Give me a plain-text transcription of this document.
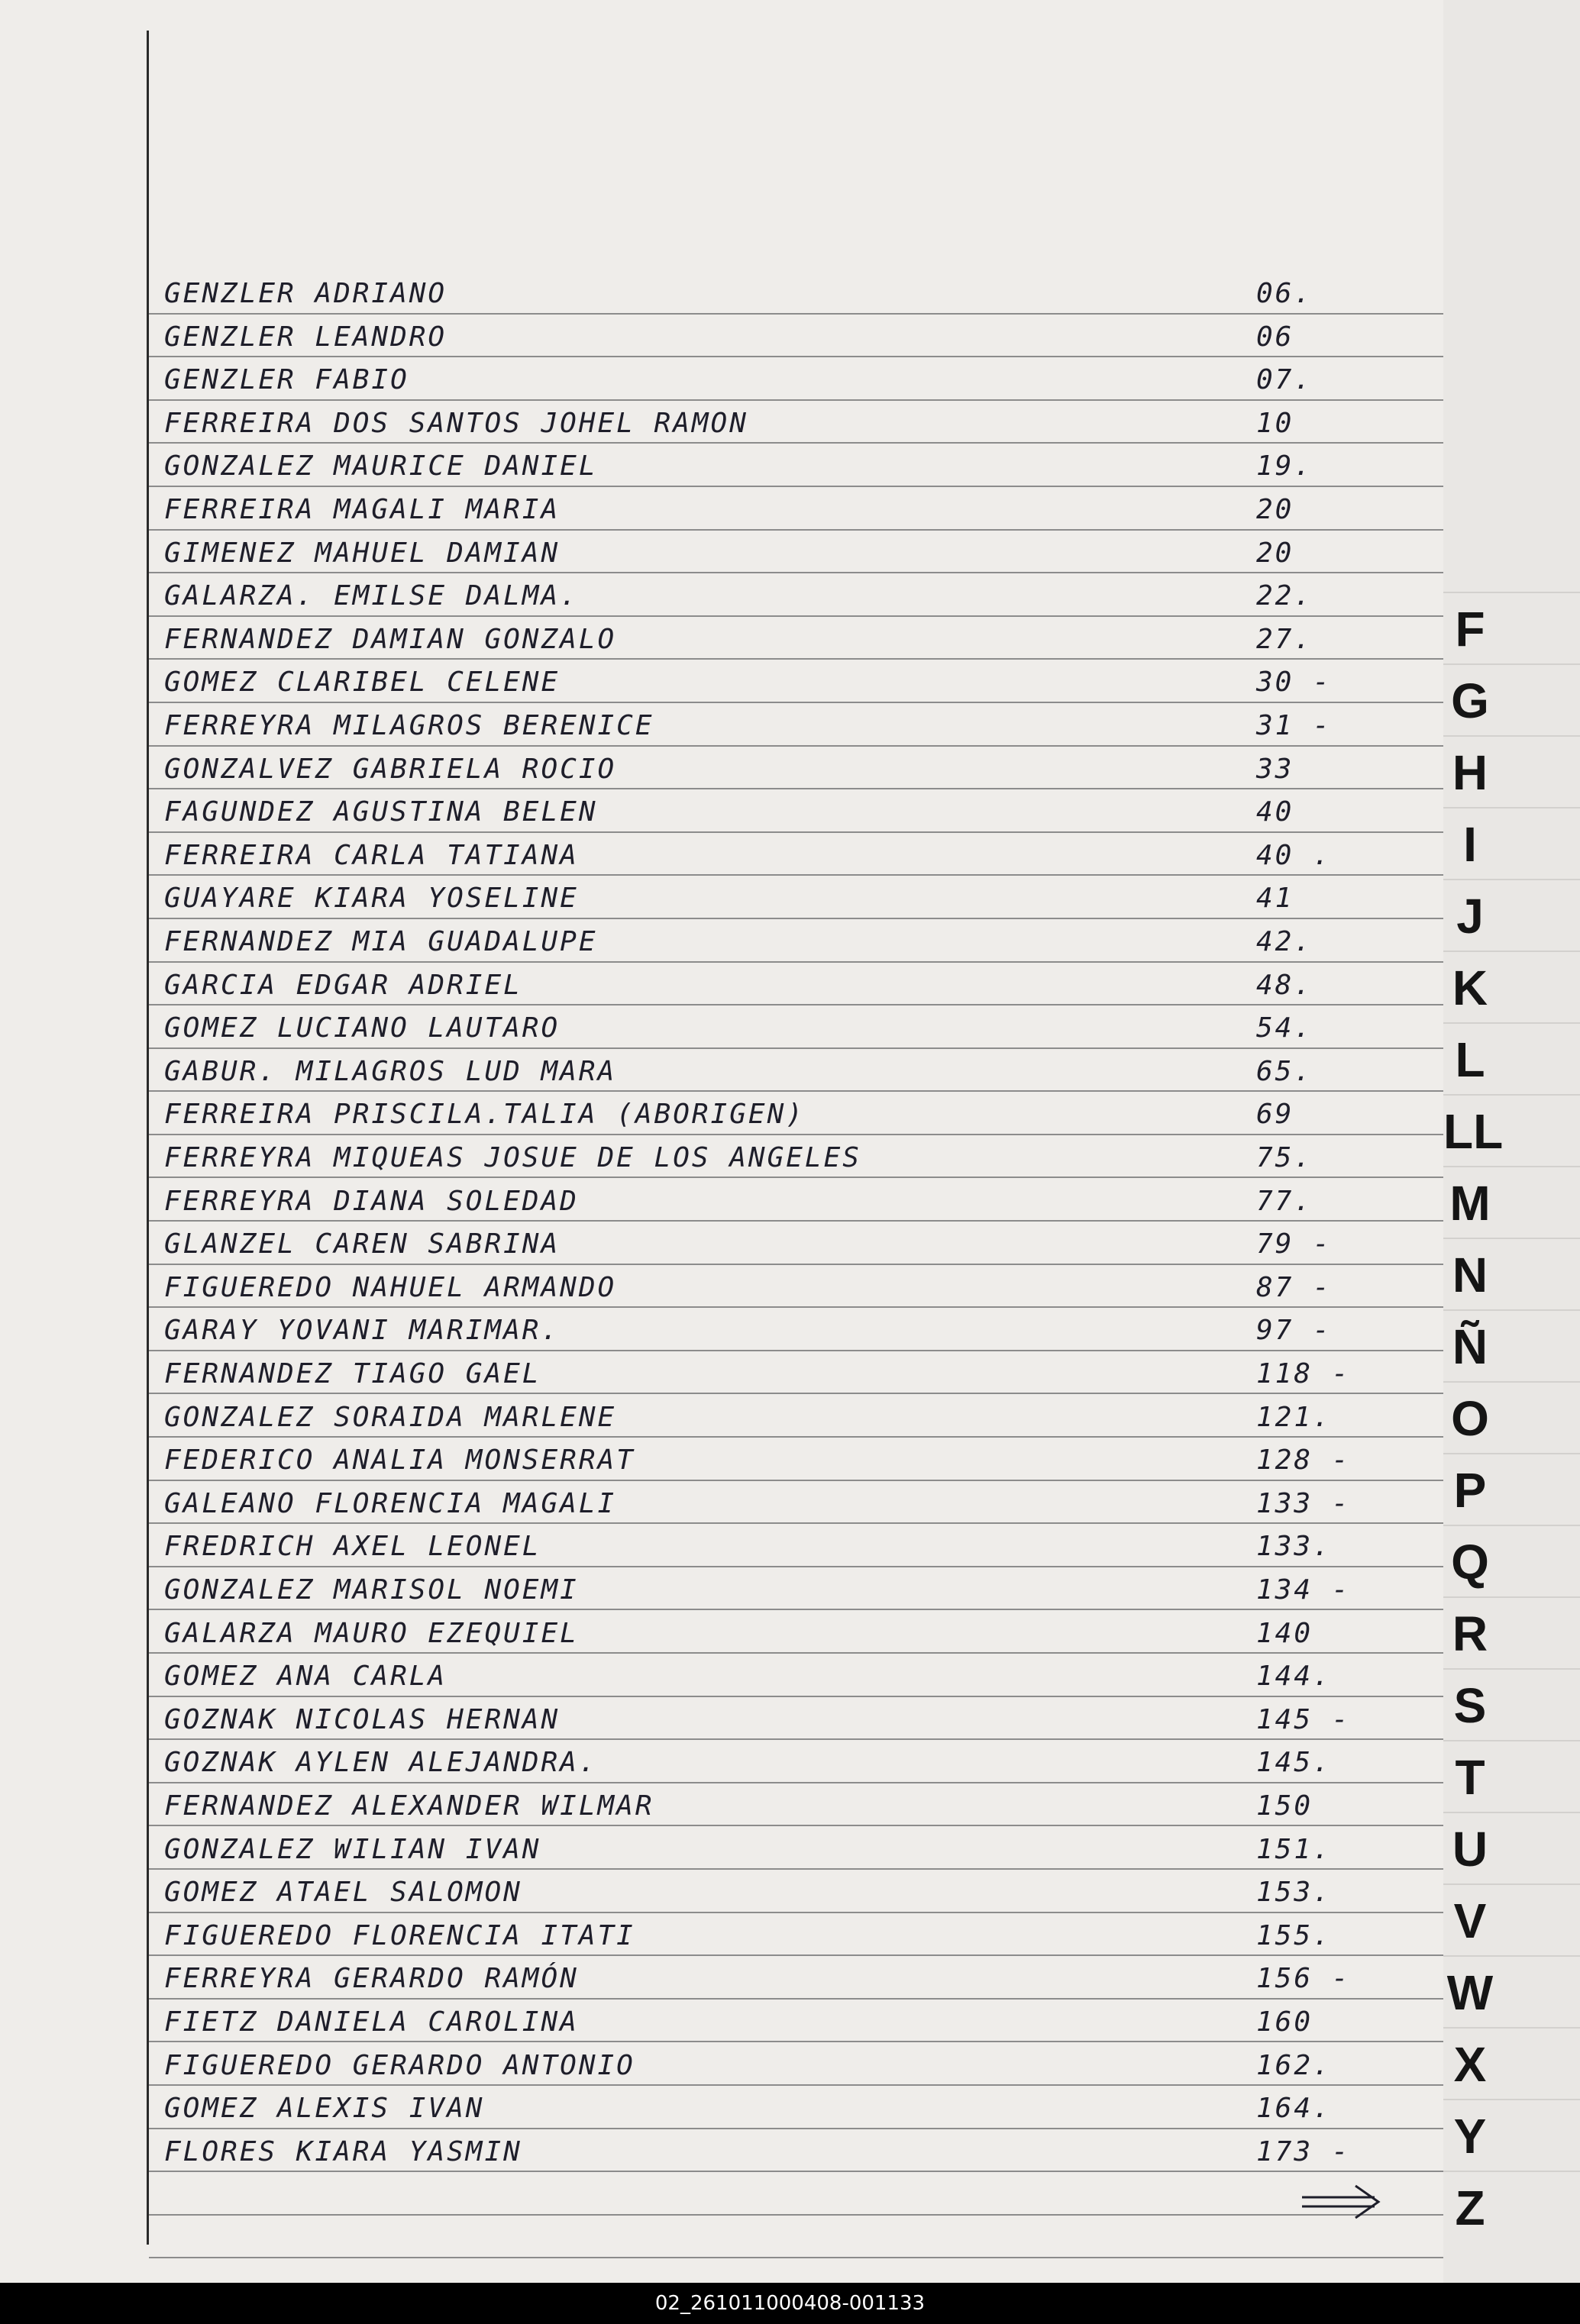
GENZLER ADRIANO	06.
GENZLER LEANDRO	06
GENZLER FABIO	07.
FERREIRA DOS SANTOS JOHEL RAMON	10
GONZALEZ MAURICE DANIEL	19.
FERREIRA MAGALI MARIA	20
GIMENEZ MAHUEL DAMIAN	20
GALARZA. EMILSE DALMA.	22.
FERNANDEZ DAMIAN GONZALO	27.
GOMEZ CLARIBEL CELENE	30 -
FERREYRA MILAGROS BERENICE	31 -
GONZALVEZ GABRIELA ROCIO	33
FAGUNDEZ AGUSTINA BELEN	40
FERREIRA CARLA TATIANA	40 .
GUAYARE KIARA YOSELINE	41
FERNANDEZ MIA GUADALUPE	42.
GARCIA EDGAR ADRIEL	48.
GOMEZ LUCIANO LAUTARO	54.
GABUR. MILAGROS LUD MARA	65.
FERREIRA PRISCILA.TALIA (ABORIGEN)	69
FERREYRA MIQUEAS JOSUE DE LOS ANGELES	75.
FERREYRA DIANA SOLEDAD	77.
GLANZEL CAREN SABRINA	79 -
FIGUEREDO NAHUEL ARMANDO	87 -
GARAY YOVANI MARIMAR.	97 -
FERNANDEZ TIAGO GAEL	118 -
GONZALEZ SORAIDA MARLENE	121.
FEDERICO ANALIA MONSERRAT	128 -
GALEANO FLORENCIA MAGALI	133 -
FREDRICH AXEL LEONEL	133.
GONZALEZ MARISOL NOEMI	134 -
GALARZA MAURO EZEQUIEL	140
GOMEZ ANA CARLA	144.
GOZNAK NICOLAS HERNAN	145 -
GOZNAK AYLEN ALEJANDRA.	145.
FERNANDEZ ALEXANDER WILMAR	150
GONZALEZ WILIAN IVAN	151.
GOMEZ ATAEL SALOMON	153.
FIGUEREDO FLORENCIA ITATI	155.
FERREYRA GERARDO RAMÓN	156 -
FIETZ DANIELA CAROLINA	160
FIGUEREDO GERARDO ANTONIO	162.
GOMEZ ALEXIS IVAN	164.
FLORES KIARA YASMIN	173 -
F
G
H
I
J
K
L
LL
M
N
Ñ
O
P
Q
R
S
T
U
V
W
X
Y
Z
02_261011000408-001133
